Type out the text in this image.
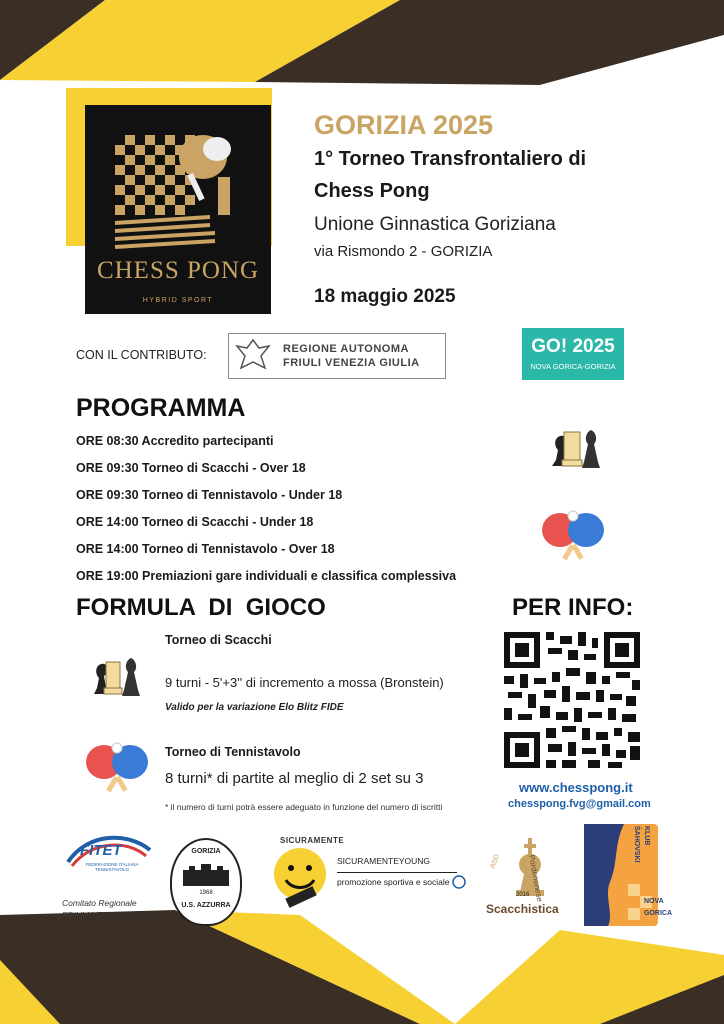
CHESS PONG
HYBRID SPORT
GORIZIA 2025
1° Torneo Transfrontaliero di
Chess Pong
Unione Ginnastica Goriziana
via Rismondo 2 - GORIZIA
18 maggio 2025
CON IL CONTRIBUTO:	REGIONE AUTONOMA
FRIULI VENEZIA GIULIA
GO! 2025
NOVA GORICA-GORIZIA
PROGRAMMA
ORE 08:30 Accredito partecipanti
ORE 09:30 Torneo di Scacchi - Over 18
ORE 09:30 Torneo di Tennistavolo - Under 18
ORE 14:00 Torneo di Scacchi - Under 18
ORE 14:00 Torneo di Tennistavolo - Over 18
ORE 19:00 Premiazioni gare individuali e classifica complessiva
FORMULA  DI  GIOCO
Torneo di Scacchi
9 turni - 5'+3'' di incremento a mossa (Bronstein)
Valido per la variazione Elo Blitz FIDE
Torneo di Tennistavolo
8 turni* di partite al meglio di 2 set su 3
* il numero di turni potrà essere adeguato in funzione del numero di iscritti
PER INFO:
www.chesspong.it
chesspong.fvg@gmail.com
FITET
FEDERAZIONE ITALIANA TENNISTAVOLO
Comitato Regionale
FRIULI VENEZIA GIULIA
GORIZIA
1968
U.S. AZZURRA
SICURAMENTE
SICURAMENTEYOUNG
promozione sportiva e sociale
ASD
2016
Scacchistica
Pordenonese
ŠAHOVSKI KLUB
NOVA
GORICA
